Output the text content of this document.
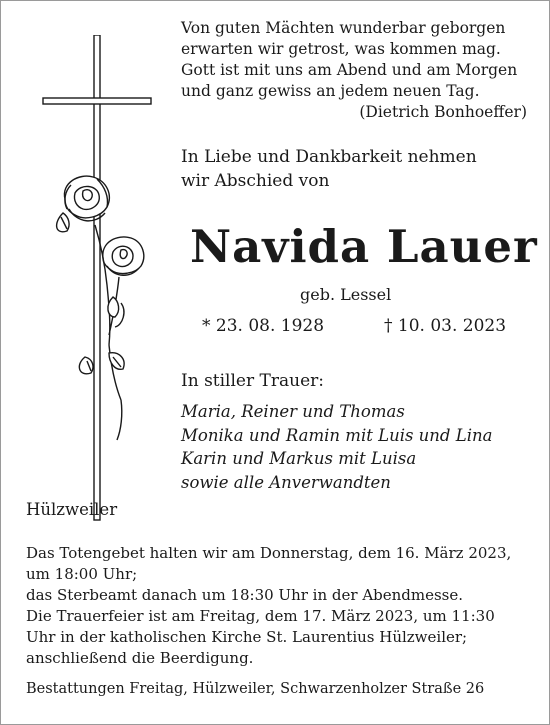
Von guten Mächten wunderbar geborgen
erwarten wir getrost, was kommen mag.
Gott ist mit uns am Abend und am Morgen
und ganz gewiss an jedem neuen Tag.
(Dietrich Bonhoeffer)
In Liebe und Dankbarkeit nehmen
wir Abschied von
Navida Lauer
geb. Lessel
* 23. 08. 1928	† 10. 03. 2023
In stiller Trauer:
Maria, Reiner und Thomas
Monika und Ramin mit Luis und Lina
Karin und Markus mit Luisa
sowie alle Anverwandten
Hülzweiler
Das Totengebet halten wir am Donnerstag, dem 16. März 2023,
um 18:00 Uhr;
das Sterbeamt danach um 18:30 Uhr in der Abendmesse.
Die Trauerfeier ist am Freitag, dem 17. März 2023, um 11:30
Uhr in der katholischen Kirche St. Laurentius Hülzweiler;
anschließend die Beerdigung.
Bestattungen Freitag, Hülzweiler, Schwarzenholzer Straße 26
